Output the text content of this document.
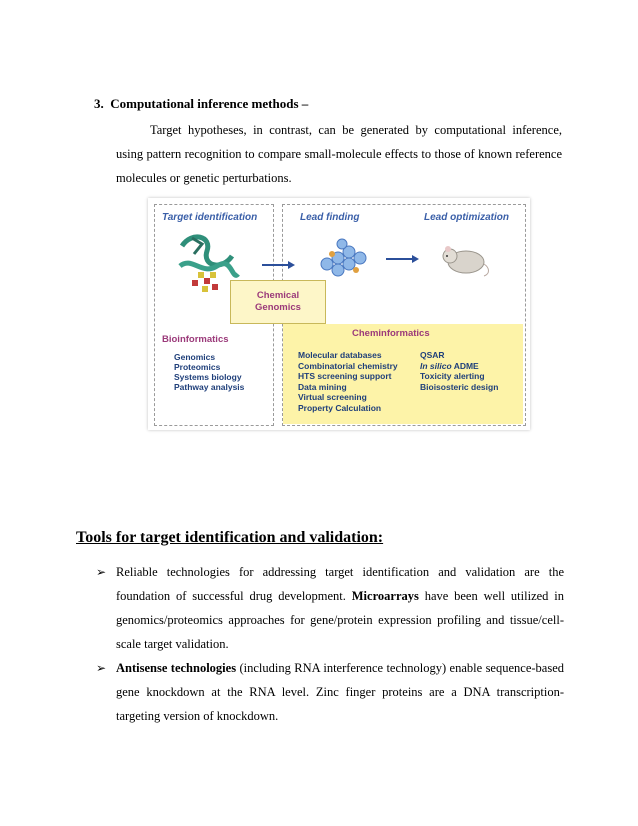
3. Computational inference methods –
Target hypotheses, in contrast, can be generated by computational inference, using pattern recognition to compare small-molecule effects to those of known reference molecules or genetic perturbations.
Target identification	Lead finding	Lead optimization
Chemical
Genomics
Bioinformatics
Genomics
Proteomics
Systems biology
Pathway analysis
Cheminformatics
Molecular databases
Combinatorial chemistry
HTS screening support
Data mining
Virtual screening
Property Calculation
QSAR
In silico ADME
Toxicity alerting
Bioisosteric design
Tools for target identification and validation:
➢ Reliable technologies for addressing target identification and validation are the foundation of successful drug development. Microarrays have been well utilized in genomics/proteomics approaches for gene/protein expression profiling and tissue/cell-scale target validation.
➢ Antisense technologies (including RNA interference technology) enable sequence-based gene knockdown at the RNA level. Zinc finger proteins are a DNA transcription-targeting version of knockdown.
